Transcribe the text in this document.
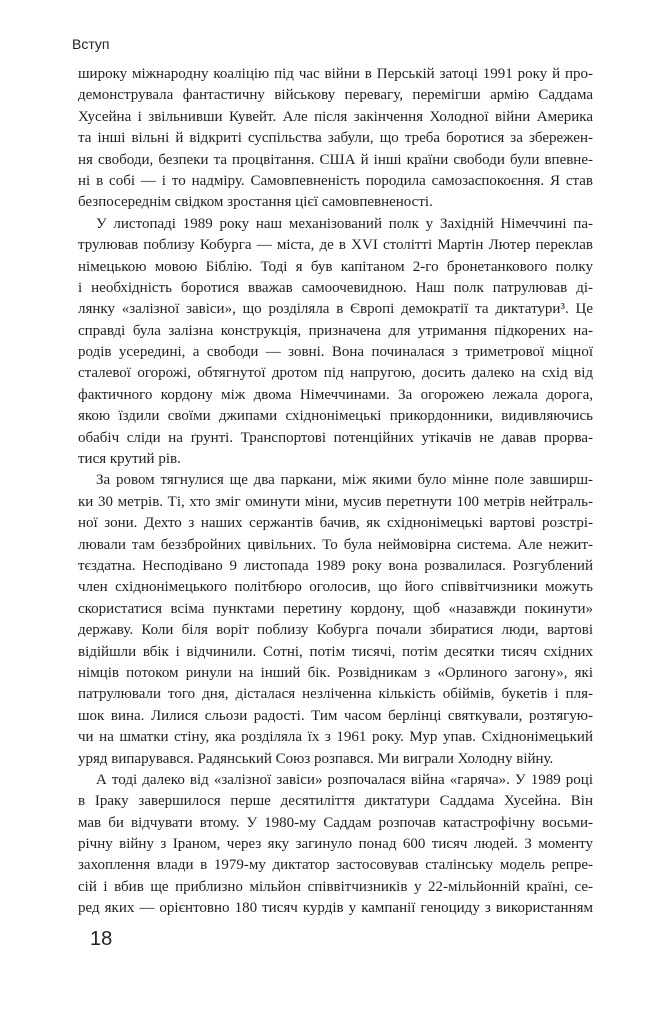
Вступ
широку міжнародну коаліцію під час війни в Перській затоці 1991 року й про-
демонструвала фантастичну військову перевагу, перемігши армію Саддама
Хусейна і звільнивши Кувейт. Але після закінчення Холодної війни Америка
та інші вільні й відкриті суспільства забули, що треба боротися за збережен-
ня свободи, безпеки та процвітання. США й інші країни свободи були впевне-
ні в собі — і то надміру. Самовпевненість породила самозаспокоєння. Я став
безпосереднім свідком зростання цієї самовпевненості.
У листопаді 1989 року наш механізований полк у Західній Німеччині па-
трулював поблизу Кобурга — міста, де в XVI столітті Мартін Лютер переклав
німецькою мовою Біблію. Тоді я був капітаном 2-го бронетанкового полку
і необхідність боротися вважав самоочевидною. Наш полк патрулював ді-
лянку «залізної завіси», що розділяла в Європі демократії та диктатури³. Це
справді була залізна конструкція, призначена для утримання підкорених на-
родів усередині, а свободи — зовні. Вона починалася з триметрової міцної
сталевої огорожі, обтягнутої дротом під напругою, досить далеко на схід від
фактичного кордону між двома Німеччинами. За огорожею лежала дорога,
якою їздили своїми джипами східнонімецькі прикордонники, видивляючись
обабіч сліди на ґрунті. Транспортові потенційних утікачів не давав прорва-
тися крутий рів.
За ровом тягнулися ще два паркани, між якими було мінне поле завширш-
ки 30 метрів. Ті, хто зміг оминути міни, мусив перетнути 100 метрів нейтраль-
ної зони. Дехто з наших сержантів бачив, як східнонімецькі вартові розстрі-
лювали там беззбройних цивільних. То була неймовірна система. Але нежит-
тєздатна. Несподівано 9 листопада 1989 року вона розвалилася. Розгублений
член східнонімецького політбюро оголосив, що його співвітчизники можуть
скористатися всіма пунктами перетину кордону, щоб «назавжди покинути»
державу. Коли біля воріт поблизу Кобурга почали збиратися люди, вартові
відійшли вбік і відчинили. Сотні, потім тисячі, потім десятки тисяч східних
німців потоком ринули на інший бік. Розвідникам з «Орлиного загону», які
патрулювали того дня, дісталася незліченна кількість обіймів, букетів і пля-
шок вина. Лилися сльози радості. Тим часом берлінці святкували, розтягую-
чи на шматки стіну, яка розділяла їх з 1961 року. Мур упав. Східнонімецький
уряд випарувався. Радянський Союз розпався. Ми виграли Холодну війну.
А тоді далеко від «залізної завіси» розпочалася війна «гаряча». У 1989 році
в Іраку завершилося перше десятиліття диктатури Саддама Хусейна. Він
мав би відчувати втому. У 1980-му Саддам розпочав катастрофічну восьми-
річну війну з Іраном, через яку загинуло понад 600 тисяч людей. З моменту
захоплення влади в 1979-му диктатор застосовував сталінську модель репре-
сій і вбив ще приблизно мільйон співвітчизників у 22-мільйонній країні, се-
ред яких — орієнтовно 180 тисяч курдів у кампанії геноциду з використанням
18
